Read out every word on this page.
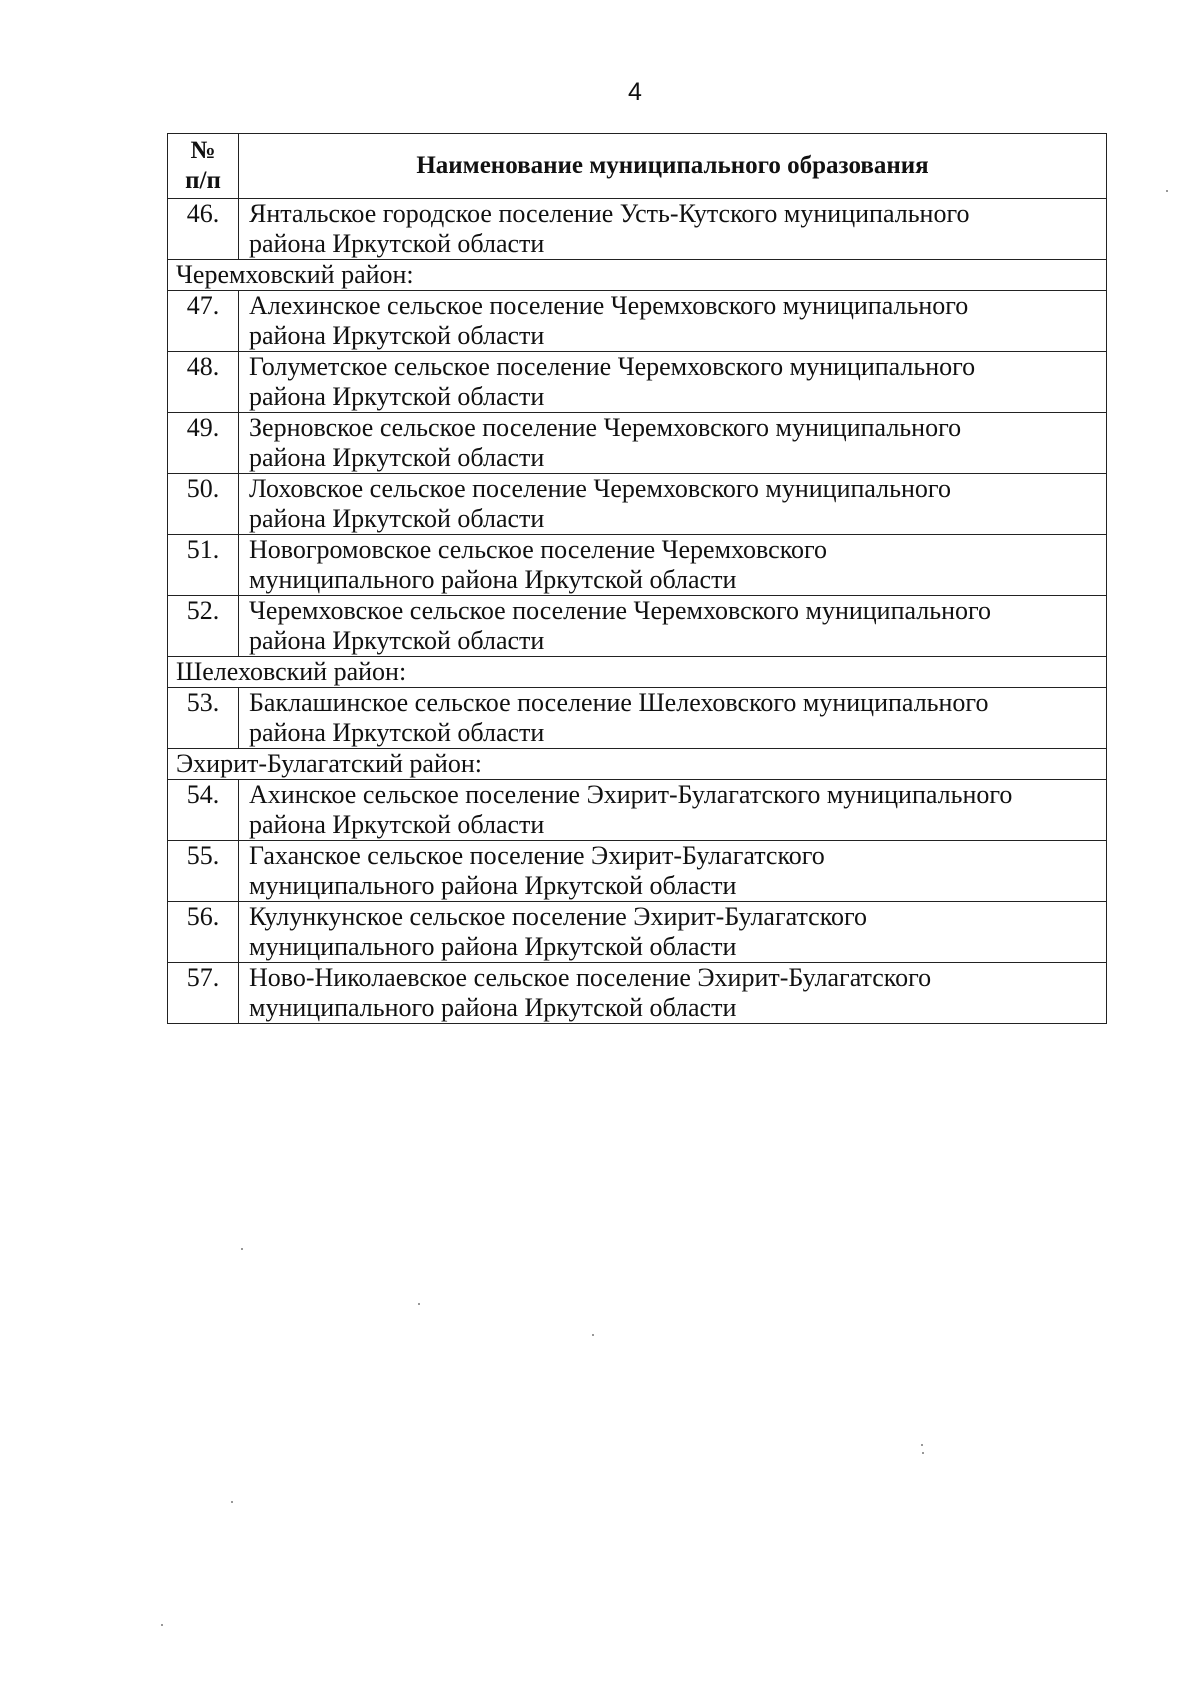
4
№
п/п	Наименование муниципального образования
46.	Янтальское городское поселение Усть-Кутского муниципального
района Иркутской области
Черемховский район:	
47.	Алехинское сельское поселение Черемховского муниципального
района Иркутской области
48.	Голуметское сельское поселение Черемховского муниципального
района Иркутской области
49.	Зерновское сельское поселение Черемховского муниципального
района Иркутской области
50.	Лоховское сельское поселение Черемховского муниципального
района Иркутской области
51.	Новогромовское сельское поселение Черемховского
муниципального района Иркутской области
52.	Черемховское сельское поселение Черемховского муниципального
района Иркутской области
Шелеховский район:	
53.	Баклашинское сельское поселение Шелеховского муниципального
района Иркутской области
Эхирит-Булагатский район:	
54.	Ахинское сельское поселение Эхирит-Булагатского муниципального
района Иркутской области
55.	Гаханское сельское поселение Эхирит-Булагатского
муниципального района Иркутской области
56.	Кулункунское сельское поселение Эхирит-Булагатского
муниципального района Иркутской области
57.	Ново-Николаевское сельское поселение Эхирит-Булагатского
муниципального района Иркутской области
